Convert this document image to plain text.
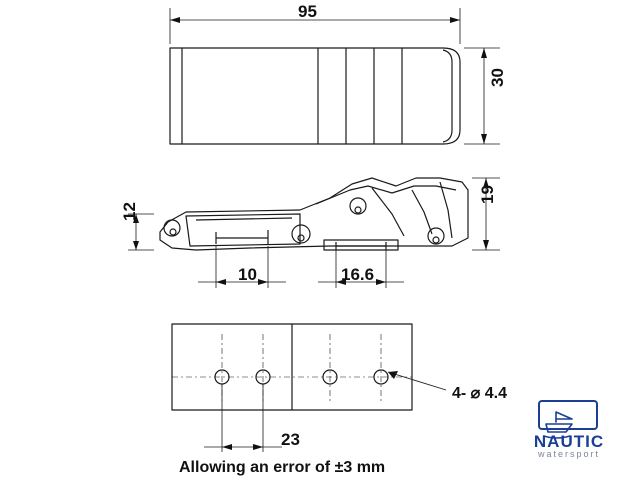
95
30
12
19
10	16.6
23
4- ⌀ 4.4
Allowing an error of ±3 mm
NAUTIC
watersport
